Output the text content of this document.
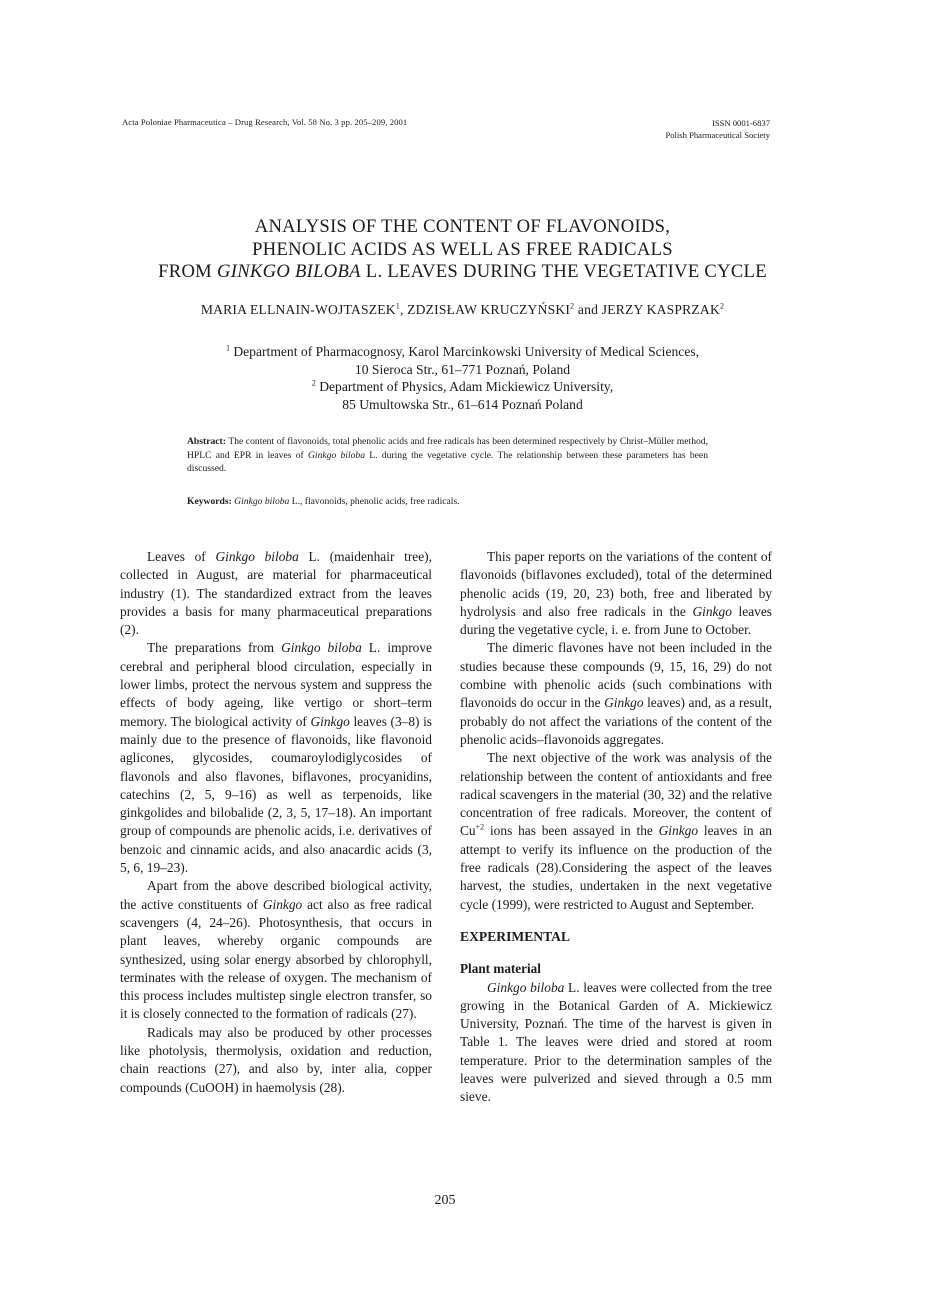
Acta Poloniae Pharmaceutica – Drug Research, Vol. 58 No. 3 pp. 205–209, 2001	ISSN 0001-6837
Polish Pharmaceutical Society
ANALYSIS OF THE CONTENT OF FLAVONOIDS,
PHENOLIC ACIDS AS WELL AS FREE RADICALS
FROM GINKGO BILOBA L. LEAVES DURING THE VEGETATIVE CYCLE
MARIA ELLNAIN-WOJTASZEK$^1$, ZDZISŁAW KRUCZYŃSKI$^2$ and JERZY KASPRZAK$^2$
$^1$ Department of Pharmacognosy, Karol Marcinkowski University of Medical Sciences,
10 Sieroca Str., 61–771 Poznań, Poland
$^2$ Department of Physics, Adam Mickiewicz University,
85 Umultowska Str., 61–614 Poznań Poland
Abstract: The content of flavonoids, total phenolic acids and free radicals has been determined respectively by Christ–Müller method, HPLC and EPR in leaves of Ginkgo biloba L. during the vegetative cycle. The relationship between these parameters has been discussed.
Keywords: Ginkgo biloba L., flavonoids, phenolic acids, free radicals.

Leaves of Ginkgo biloba L. (maidenhair tree), collected in August, are material for pharmaceutical industry (1). The standardized extract from the leaves provides a basis for many pharmaceutical preparations (2).

The preparations from Ginkgo biloba L. improve cerebral and peripheral blood circulation, especially in lower limbs, protect the nervous system and suppress the effects of body ageing, like vertigo or short–term memory. The biological activity of Ginkgo leaves (3–8) is mainly due to the presence of flavonoids, like flavonoid aglicones, glycosides, coumaroylodiglycosides of flavonols and also flavones, biflavones, procyanidins, catechins (2, 5, 9–16) as well as terpenoids, like ginkgolides and bilobalide (2, 3, 5, 17–18). An important group of compounds are phenolic acids, i.e. derivatives of benzoic and cinnamic acids, and also anacardic acids (3, 5, 6, 19–23).

Apart from the above described biological activity, the active constituents of Ginkgo act also as free radical scavengers (4, 24–26). Photosynthesis, that occurs in plant leaves, whereby organic compounds are synthesized, using solar energy absorbed by chlorophyll, terminates with the release of oxygen. The mechanism of this process includes multistep single electron transfer, so it is closely connected to the formation of radicals (27).

Radicals may also be produced by other processes like photolysis, thermolysis, oxidation and reduction, chain reactions (27), and also by, inter alia, copper compounds (CuOOH) in haemolysis (28).

This paper reports on the variations of the content of flavonoids (biflavones excluded), total of the determined phenolic acids (19, 20, 23) both, free and liberated by hydrolysis and also free radicals in the Ginkgo leaves during the vegetative cycle, i. e. from June to October.

The dimeric flavones have not been included in the studies because these compounds (9, 15, 16, 29) do not combine with phenolic acids (such combinations with flavonoids do occur in the Ginkgo leaves) and, as a result, probably do not affect the variations of the content of the phenolic acids–flavonoids aggregates.

The next objective of the work was analysis of the relationship between the content of antioxidants and free radical scavengers in the material (30, 32) and the relative concentration of free radicals. Moreover, the content of $Cu^{+2}$ ions has been assayed in the Ginkgo leaves in an attempt to verify its influence on the production of the free radicals (28).Considering the aspect of the leaves harvest, the studies, undertaken in the next vegetative cycle (1999), were restricted to August and September.

EXPERIMENTAL

Plant material

Ginkgo biloba L. leaves were collected from the tree growing in the Botanical Garden of A. Mickiewicz University, Poznań. The time of the harvest is given in Table 1. The leaves were dried and stored at room temperature. Prior to the determination samples of the leaves were pulverized and sieved through a 0.5 mm sieve.

205
